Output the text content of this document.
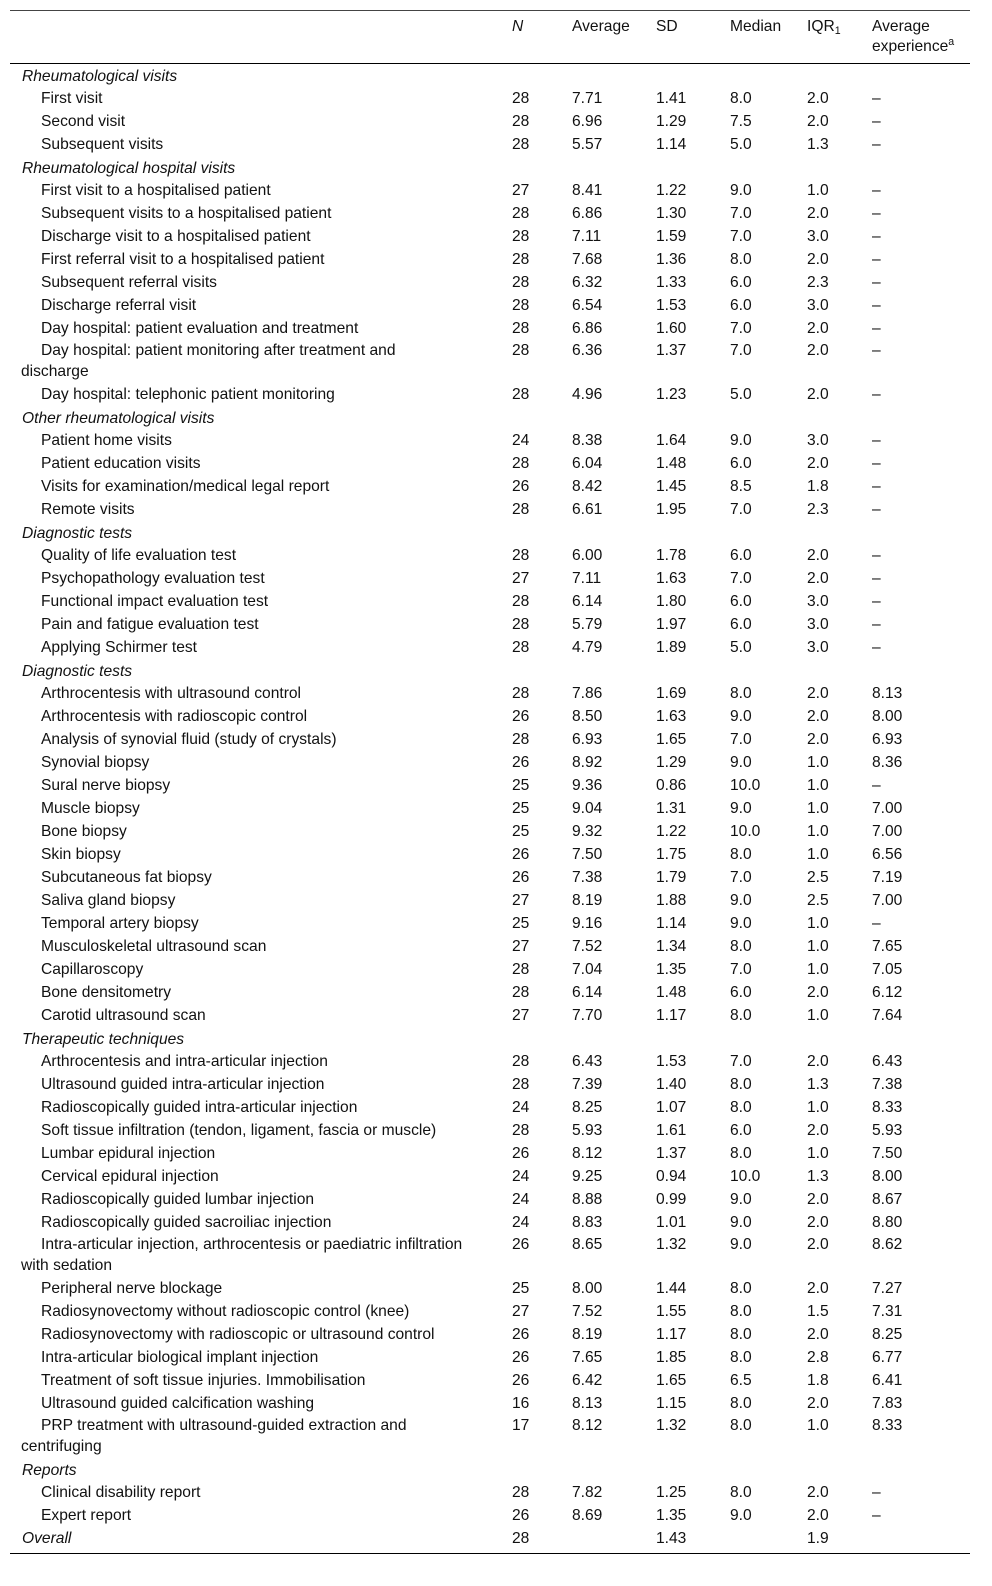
	N	Average	SD	Median	$IQR_1$	Average experience$^a$
Rheumatological visits						

First visit	28	7.71	1.41	8.0	2.0	–

Second visit	28	6.96	1.29	7.5	2.0	–

Subsequent visits	28	5.57	1.14	5.0	1.3	–
Rheumatological hospital visits						

First visit to a hospitalised patient	27	8.41	1.22	9.0	1.0	–

Subsequent visits to a hospitalised patient	28	6.86	1.30	7.0	2.0	–

Discharge visit to a hospitalised patient	28	7.11	1.59	7.0	3.0	–

First referral visit to a hospitalised patient	28	7.68	1.36	8.0	2.0	–

Subsequent referral visits	28	6.32	1.33	6.0	2.3	–

Discharge referral visit	28	6.54	1.53	6.0	3.0	–

Day hospital: patient evaluation and treatment	28	6.86	1.60	7.0	2.0	–

Day hospital: patient monitoring after treatment and
discharge	28	6.36	1.37	7.0	2.0	–

Day hospital: telephonic patient monitoring	28	4.96	1.23	5.0	2.0	–
Other rheumatological visits						

Patient home visits	24	8.38	1.64	9.0	3.0	–

Patient education visits	28	6.04	1.48	6.0	2.0	–

Visits for examination/medical legal report	26	8.42	1.45	8.5	1.8	–

Remote visits	28	6.61	1.95	7.0	2.3	–
Diagnostic tests						

Quality of life evaluation test	28	6.00	1.78	6.0	2.0	–

Psychopathology evaluation test	27	7.11	1.63	7.0	2.0	–

Functional impact evaluation test	28	6.14	1.80	6.0	3.0	–

Pain and fatigue evaluation test	28	5.79	1.97	6.0	3.0	–

Applying Schirmer test	28	4.79	1.89	5.0	3.0	–
Diagnostic tests						

Arthrocentesis with ultrasound control	28	7.86	1.69	8.0	2.0	8.13

Arthrocentesis with radioscopic control	26	8.50	1.63	9.0	2.0	8.00

Analysis of synovial fluid (study of crystals)	28	6.93	1.65	7.0	2.0	6.93

Synovial biopsy	26	8.92	1.29	9.0	1.0	8.36

Sural nerve biopsy	25	9.36	0.86	10.0	1.0	–

Muscle biopsy	25	9.04	1.31	9.0	1.0	7.00

Bone biopsy	25	9.32	1.22	10.0	1.0	7.00

Skin biopsy	26	7.50	1.75	8.0	1.0	6.56

Subcutaneous fat biopsy	26	7.38	1.79	7.0	2.5	7.19

Saliva gland biopsy	27	8.19	1.88	9.0	2.5	7.00

Temporal artery biopsy	25	9.16	1.14	9.0	1.0	–

Musculoskeletal ultrasound scan	27	7.52	1.34	8.0	1.0	7.65

Capillaroscopy	28	7.04	1.35	7.0	1.0	7.05

Bone densitometry	28	6.14	1.48	6.0	2.0	6.12

Carotid ultrasound scan	27	7.70	1.17	8.0	1.0	7.64
Therapeutic techniques						

Arthrocentesis and intra-articular injection	28	6.43	1.53	7.0	2.0	6.43

Ultrasound guided intra-articular injection	28	7.39	1.40	8.0	1.3	7.38

Radioscopically guided intra-articular injection	24	8.25	1.07	8.0	1.0	8.33

Soft tissue infiltration (tendon, ligament, fascia or muscle)	28	5.93	1.61	6.0	2.0	5.93

Lumbar epidural injection	26	8.12	1.37	8.0	1.0	7.50

Cervical epidural injection	24	9.25	0.94	10.0	1.3	8.00

Radioscopically guided lumbar injection	24	8.88	0.99	9.0	2.0	8.67

Radioscopically guided sacroiliac injection	24	8.83	1.01	9.0	2.0	8.80

Intra-articular injection, arthrocentesis or paediatric infiltration
with sedation	26	8.65	1.32	9.0	2.0	8.62

Peripheral nerve blockage	25	8.00	1.44	8.0	2.0	7.27

Radiosynovectomy without radioscopic control (knee)	27	7.52	1.55	8.0	1.5	7.31

Radiosynovectomy with radioscopic or ultrasound control	26	8.19	1.17	8.0	2.0	8.25

Intra-articular biological implant injection	26	7.65	1.85	8.0	2.8	6.77

Treatment of soft tissue injuries. Immobilisation	26	6.42	1.65	6.5	1.8	6.41

Ultrasound guided calcification washing	16	8.13	1.15	8.0	2.0	7.83

PRP treatment with ultrasound-guided extraction and
centrifuging	17	8.12	1.32	8.0	1.0	8.33
Reports						

Clinical disability report	28	7.82	1.25	8.0	2.0	–

Expert report	26	8.69	1.35	9.0	2.0	–
Overall	28		1.43		1.9	
